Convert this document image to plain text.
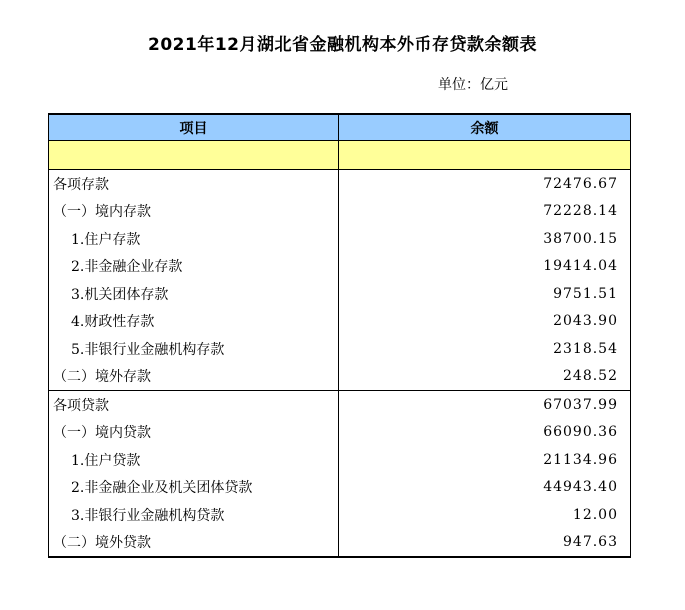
2021年12月湖北省金融机构本外币存贷款余额表
单位：亿元
项目	余额

各项存款	72476.67
（一）境内存款	72228.14
1.住户存款	38700.15
2.非金融企业存款	19414.04
3.机关团体存款	9751.51
4.财政性存款	2043.90
5.非银行业金融机构存款	2318.54
（二）境外存款	248.52
各项贷款	67037.99
（一）境内贷款	66090.36
1.住户贷款	21134.96
2.非金融企业及机关团体贷款	44943.40
3.非银行业金融机构贷款	12.00
（二）境外贷款	947.63
